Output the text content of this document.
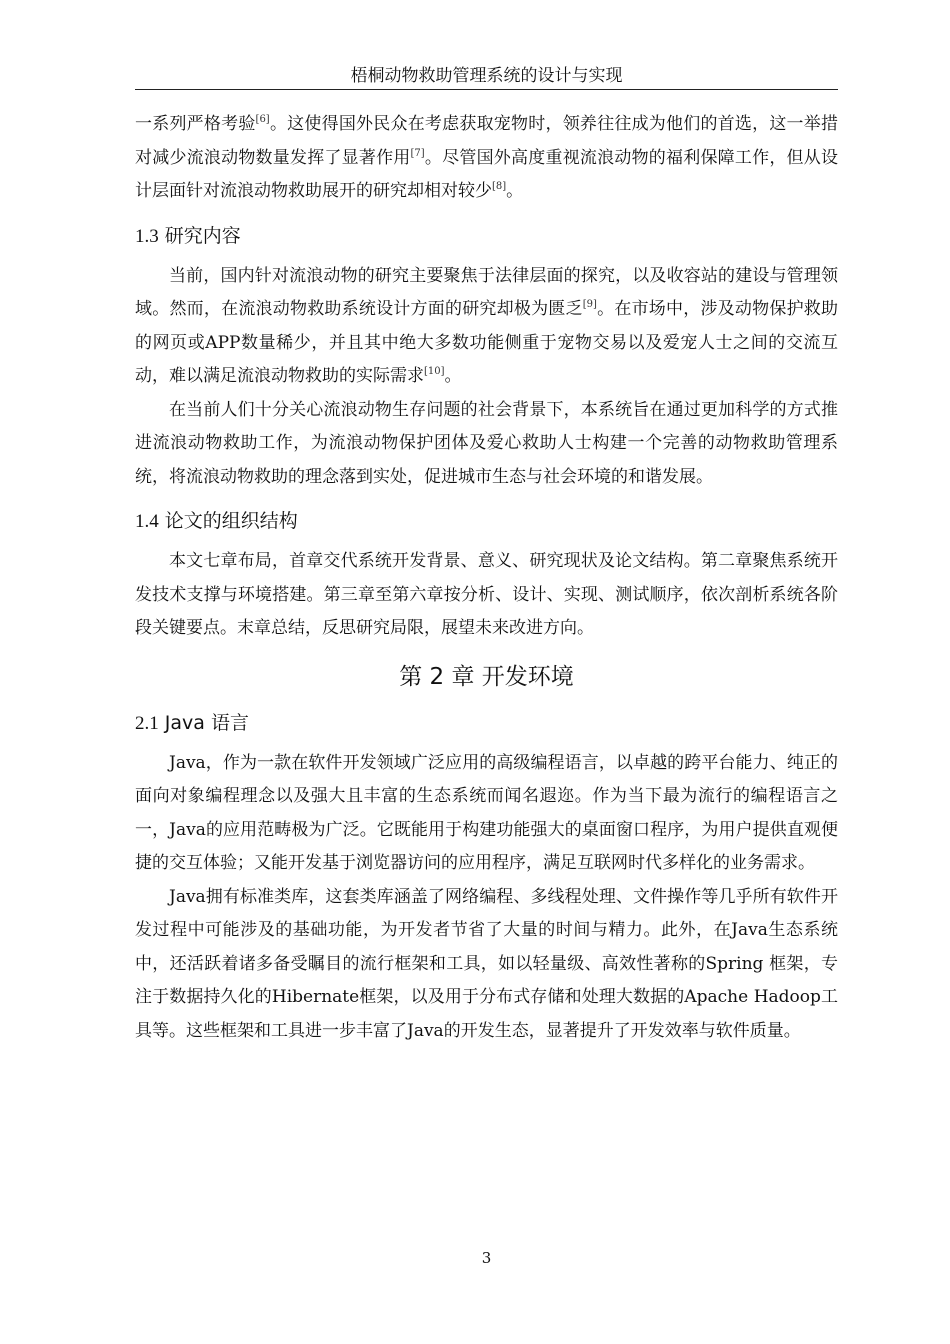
梧桐动物救助管理系统的设计与实现

一系列严格考验[6]。这使得国外民众在考虑获取宠物时，领养往往成为他们的首选，这一举措对减少流浪动物数量发挥了显著作用[7]。尽管国外高度重视流浪动物的福利保障工作，但从设计层面针对流浪动物救助展开的研究却相对较少[8]。

1.3 研究内容

当前，国内针对流浪动物的研究主要聚焦于法律层面的探究，以及收容站的建设与管理领域。然而，在流浪动物救助系统设计方面的研究却极为匮乏[9]。在市场中，涉及动物保护救助的网页或APP数量稀少，并且其中绝大多数功能侧重于宠物交易以及爱宠人士之间的交流互动，难以满足流浪动物救助的实际需求[10]。

在当前人们十分关心流浪动物生存问题的社会背景下，本系统旨在通过更加科学的方式推进流浪动物救助工作，为流浪动物保护团体及爱心救助人士构建一个完善的动物救助管理系统，将流浪动物救助的理念落到实处，促进城市生态与社会环境的和谐发展。

1.4 论文的组织结构

本文七章布局，首章交代系统开发背景、意义、研究现状及论文结构。第二章聚焦系统开发技术支撑与环境搭建。第三章至第六章按分析、设计、实现、测试顺序，依次剖析系统各阶段关键要点。末章总结，反思研究局限，展望未来改进方向。

第 2 章 开发环境
2.1 Java 语言

Java，作为一款在软件开发领域广泛应用的高级编程语言，以卓越的跨平台能力、纯正的面向对象编程理念以及强大且丰富的生态系统而闻名遐迩。作为当下最为流行的编程语言之一，Java的应用范畴极为广泛。它既能用于构建功能强大的桌面窗口程序，为用户提供直观便捷的交互体验；又能开发基于浏览器访问的应用程序，满足互联网时代多样化的业务需求。

Java拥有标准类库，这套类库涵盖了网络编程、多线程处理、文件操作等几乎所有软件开发过程中可能涉及的基础功能，为开发者节省了大量的时间与精力。此外，在Java生态系统中，还活跃着诸多备受瞩目的流行框架和工具，如以轻量级、高效性著称的Spring 框架，专注于数据持久化的Hibernate框架，以及用于分布式存储和处理大数据的Apache Hadoop工具等。这些框架和工具进一步丰富了Java的开发生态，显著提升了开发效率与软件质量。

3
